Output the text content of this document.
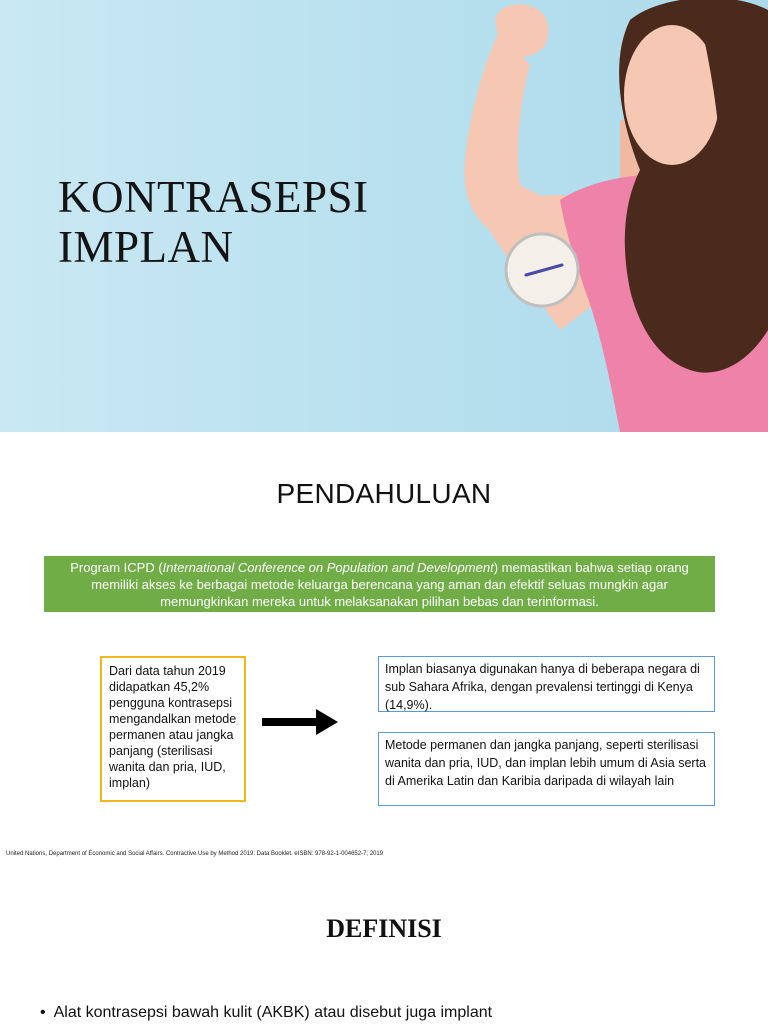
KONTRASEPSI
IMPLAN
PENDAHULUAN
Program ICPD (International Conference on Population and Development) memastikan bahwa setiap orang memiliki akses ke berbagai metode keluarga berencana yang aman dan efektif seluas mungkin agar memungkinkan mereka untuk melaksanakan pilihan bebas dan terinformasi.
Dari data tahun 2019 didapatkan 45,2% pengguna kontrasepsi mengandalkan metode permanen atau jangka panjang (sterilisasi wanita dan pria, IUD, implan)
Implan biasanya digunakan hanya di beberapa negara di sub Sahara Afrika, dengan prevalensi tertinggi di Kenya (14,9%).
Metode permanen dan jangka panjang, seperti sterilisasi wanita dan pria, IUD, dan implan lebih umum di Asia serta di Amerika Latin dan Karibia daripada di wilayah lain
United Nations, Department of Economic and Social Affairs. Contractive Use by Method 2019: Data Booklet. eISBN: 978-92-1-004652-7; 2019
DEFINISI
• Alat kontrasepsi bawah kulit (AKBK) atau disebut juga implant
